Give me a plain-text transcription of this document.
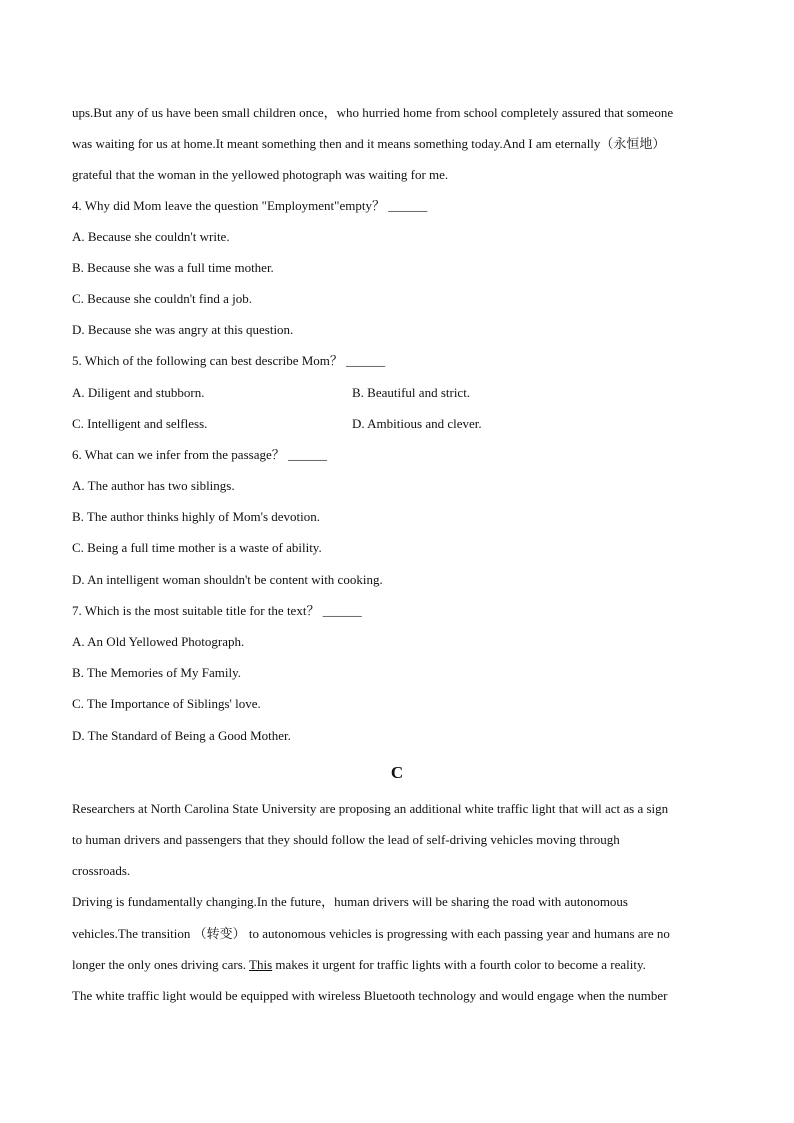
ups.But any of us have been small children once，who hurried home from school completely assured that someone
was waiting for us at home.It meant something then and it means something today.And I am eternally（永恒地）
grateful that the woman in the yellowed photograph was waiting for me.
4. Why did Mom leave the question "Employment"empty？ ______
A. Because she couldn't write.
B. Because she was a full time mother.
C. Because she couldn't find a job.
D. Because she was angry at this question.
5. Which of the following can best describe Mom？ ______
A. Diligent and stubborn.	B. Beautiful and strict.
C. Intelligent and selfless.	D. Ambitious and clever.
6. What can we infer from the passage？ ______
A. The author has two siblings.
B. The author thinks highly of Mom's devotion.
C. Being a full time mother is a waste of ability.
D. An intelligent woman shouldn't be content with cooking.
7. Which is the most suitable title for the text？ ______
A. An Old Yellowed Photograph.
B. The Memories of My Family.
C. The Importance of Siblings' love.
D. The Standard of Being a Good Mother.
C
Researchers at North Carolina State University are proposing an additional white traffic light that will act as a sign
to human drivers and passengers that they should follow the lead of self-driving vehicles moving through
crossroads.
Driving is fundamentally changing.In the future，human drivers will be sharing the road with autonomous
vehicles.The transition （转变） to autonomous vehicles is progressing with each passing year and humans are no
longer the only ones driving cars. This makes it urgent for traffic lights with a fourth color to become a reality.
The white traffic light would be equipped with wireless Bluetooth technology and would engage when the number
